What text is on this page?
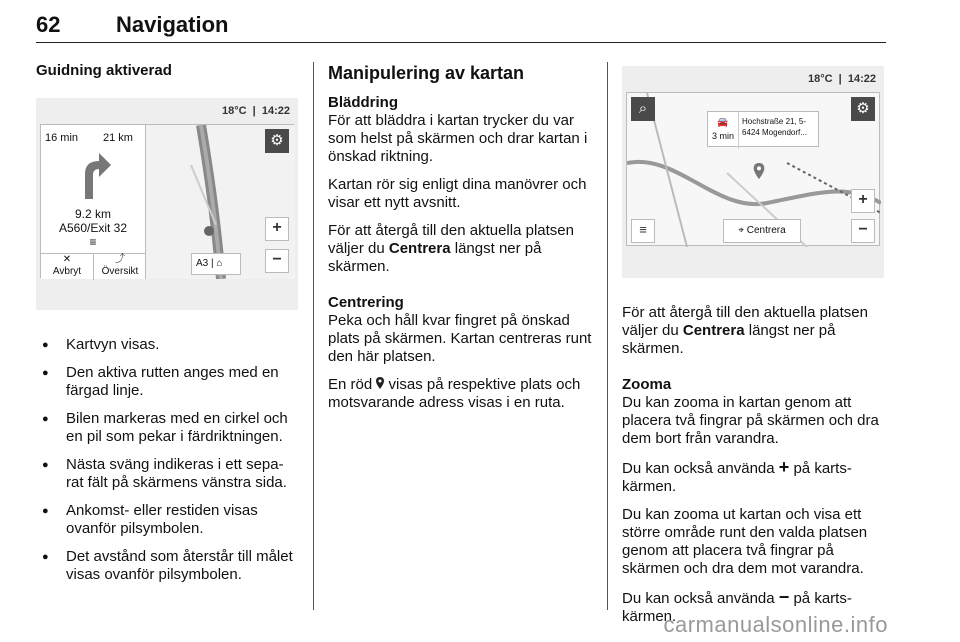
62	Navigation
Guidning aktiverad
18°C  |  14:22
16 min 21 km
9.2 km
A560/Exit 32
≡
✕
Avbryt
⤴
Översikt
⚙
+
−
A3 | ⌂
● Kartvyn visas.
● Den aktiva rutten anges med en färgad linje.
● Bilen markeras med en cirkel och en pil som pekar i färdriktningen.
● Nästa sväng indikeras i ett sepa-rat fält på skärmens vänstra sida.
● Ankomst- eller restiden visas ovanför pilsymbolen.
● Det avstånd som återstår till målet visas ovanför pilsymbolen.
Manipulering av kartan
Bläddring

För att bläddra i kartan trycker du var som helst på skärmen och drar kartan i önskad riktning.

Kartan rör sig enligt dina manövrer och visar ett nytt avsnitt.

För att återgå till den aktuella platsen väljer du Centrera längst ner på skärmen.

Centrering

Peka och håll kvar fingret på önskad plats på skärmen. Kartan centreras runt den här platsen.

En röd  visas på respektive plats och motsvarande adress visas i en ruta.

18°C  |  14:22
⌕	⚙
🚘
3 min
Hochstraße 21, 5-
6424 Mogendorf...
+
−
≡	⌖ Centrera

För att återgå till den aktuella platsen väljer du Centrera längst ner på skärmen.

Zooma

Du kan zooma in kartan genom att placera två fingrar på skärmen och dra dem bort från varandra.

Du kan också använda + på karts-kärmen.

Du kan zooma ut kartan och visa ett större område runt den valda platsen genom att placera två fingrar på skärmen och dra dem mot varandra.

Du kan också använda − på karts-kärmen.

carmanualsonline.info
